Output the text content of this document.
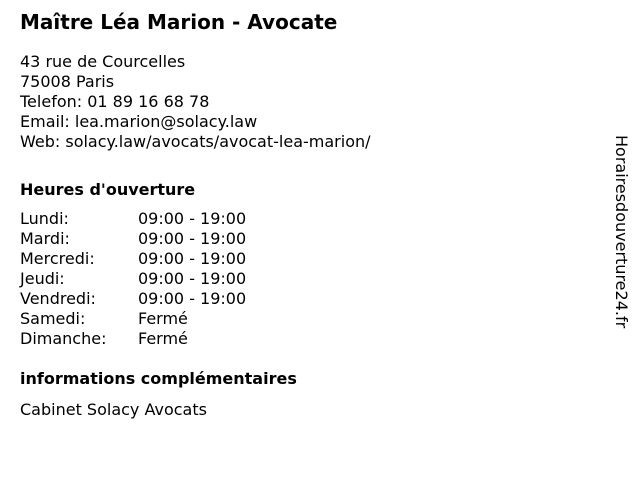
Maître Léa Marion - Avocate
43 rue de Courcelles
75008 Paris
Telefon: 01 89 16 68 78
Email: lea.marion@solacy.law
Web: solacy.law/avocats/avocat-lea-marion/
Heures d'ouverture
Lundi:	09:00 - 19:00
Mardi:	09:00 - 19:00
Mercredi:	09:00 - 19:00
Jeudi:	09:00 - 19:00
Vendredi:	09:00 - 19:00
Samedi:	Fermé
Dimanche:	Fermé
informations complémentaires
Cabinet Solacy Avocats
Horairesdouverture24.fr
